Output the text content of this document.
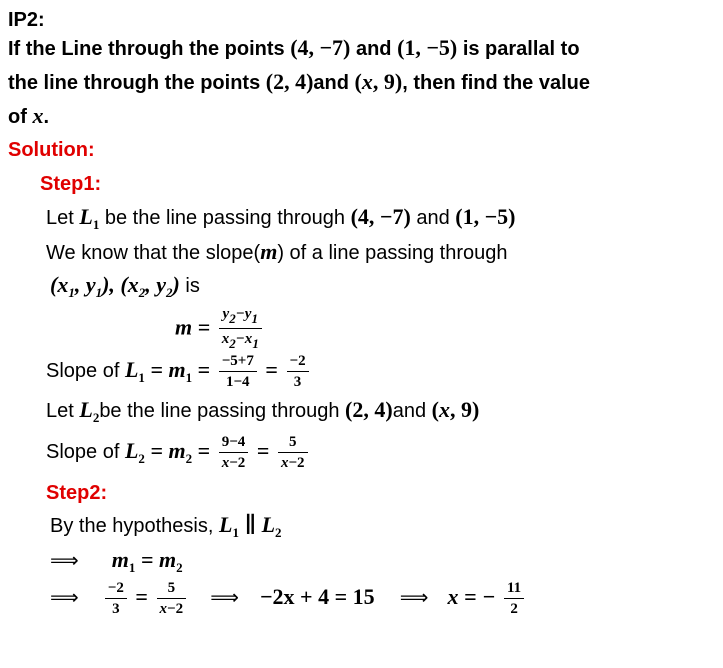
IP2:
If the Line through the points (4, −7) and (1, −5) is parallal to
the line through the points (2, 4)and (x, 9), then find the value
of x.
Solution:
Step1:
Let $L_1$ be the line passing through (4, −7) and (1, −5)
We know that the slope(m) of a line passing through
($x_1$, $y_1$), ($x_2$, $y_2$) is
$m = \frac{y2-y1}{x2-x1}$
Slope of $L_1 = m_1 = \frac{-5+7}{1-4} = \frac{-2}{3}$
Let $L_2be$ the line passing through (2, 4)and (x, 9)
Slope of $L_2 = m_2 = \frac{9-4}{x-2} = \frac{5}{x-2}$
Step2:
By the hypothesis, $L_1$ ∥ $L_2$
⟹ $m_1 = m_2$
⟹ $\frac{-2}{3} = \frac{5}{x-2}$ ⟹ −2x + 4 = 15 ⟹ x = − $\frac{11}{2}$
